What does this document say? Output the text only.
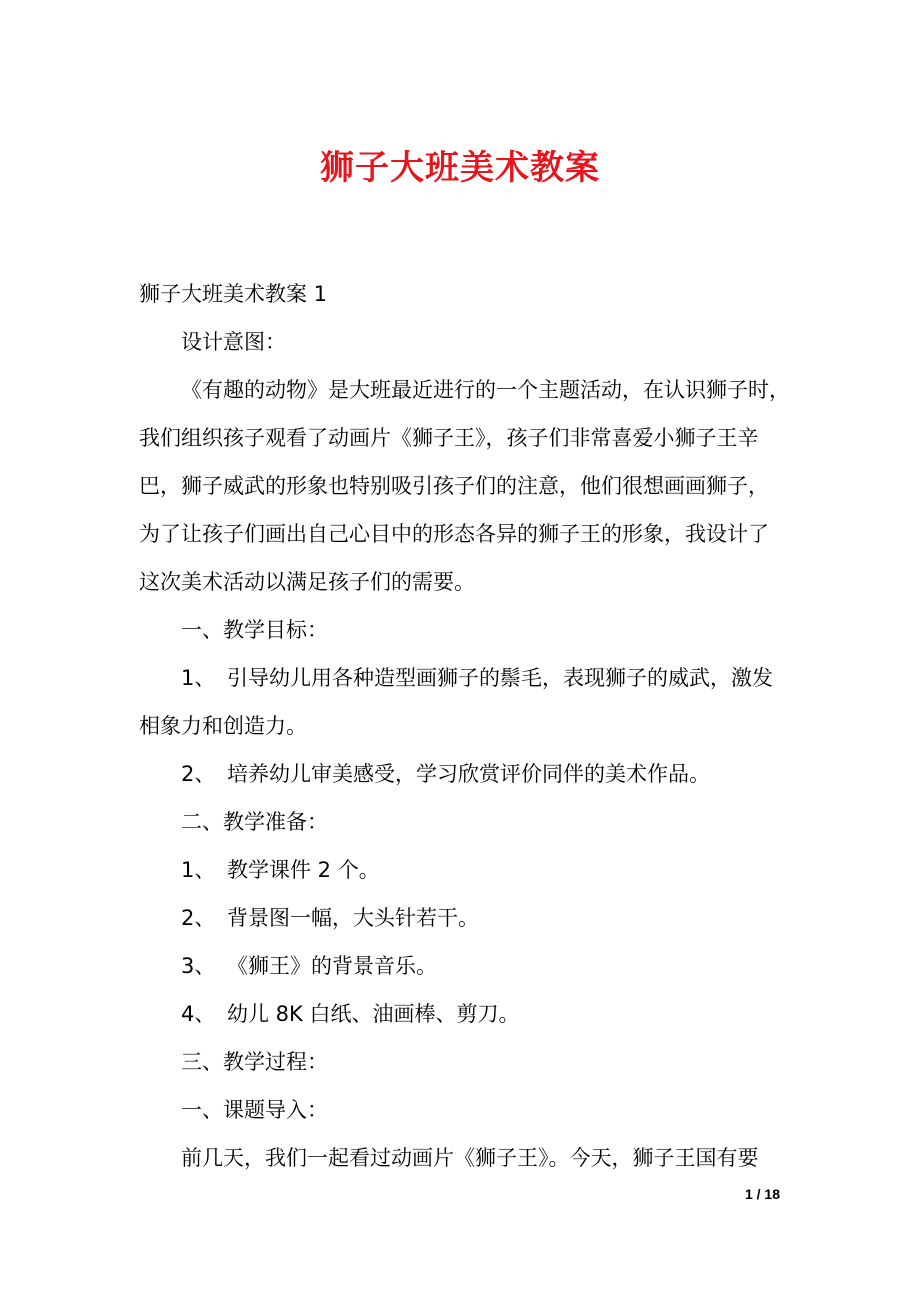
狮子大班美术教案

狮子大班美术教案 1

设计意图：

《有趣的动物》是大班最近进行的一个主题活动，在认识狮子时，
我们组织孩子观看了动画片《狮子王》，孩子们非常喜爱小狮子王辛
巴，狮子威武的形象也特别吸引孩子们的注意，他们很想画画狮子，
为了让孩子们画出自己心目中的形态各异的狮子王的形象，我设计了
这次美术活动以满足孩子们的需要。

一、教学目标：

1、 引导幼儿用各种造型画狮子的鬃毛，表现狮子的威武，激发
相象力和创造力。

2、 培养幼儿审美感受，学习欣赏评价同伴的美术作品。

二、教学准备：

1、 教学课件 2 个。

2、 背景图一幅，大头针若干。

3、 《狮王》的背景音乐。

4、 幼儿 8K 白纸、油画棒、剪刀。

三、教学过程：

一、课题导入：

前几天，我们一起看过动画片《狮子王》。今天，狮子王国有要

1 / 18
